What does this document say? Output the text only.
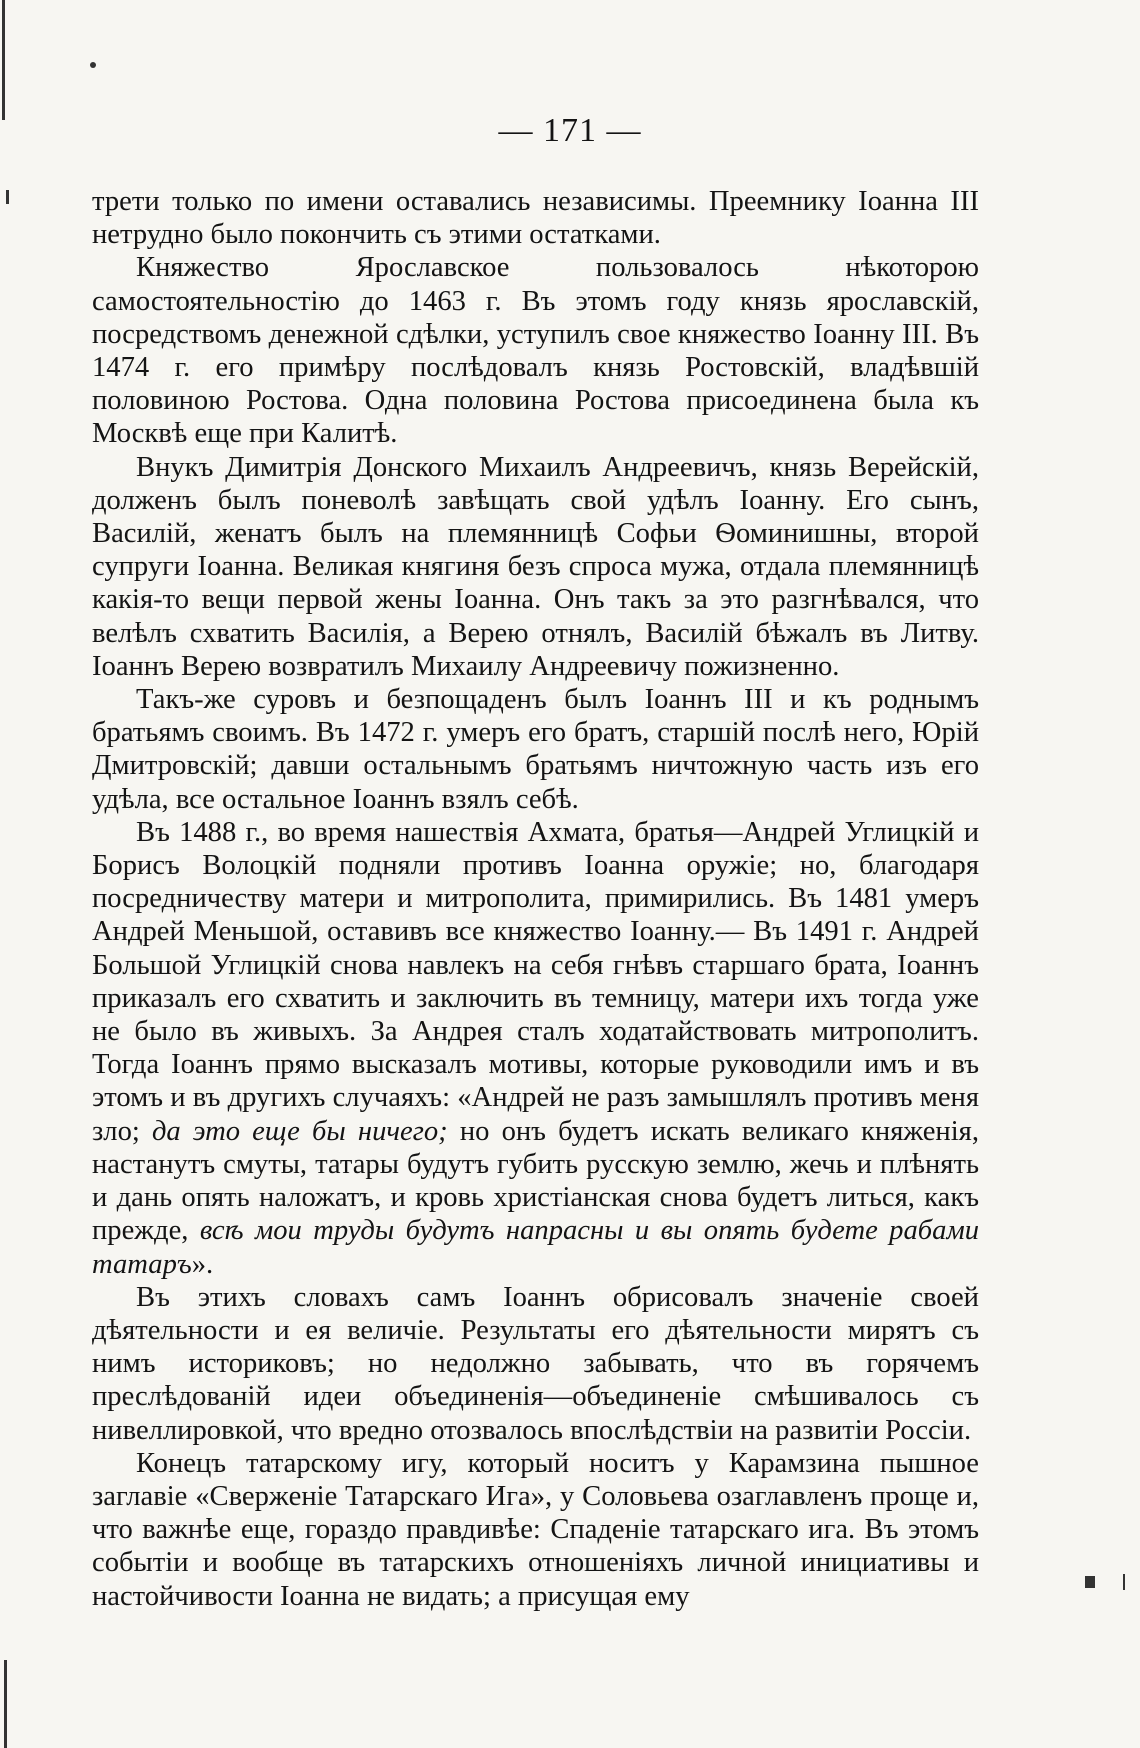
— 171 —

трети только по имени оставались независимы. Преемнику Іоанна III нетрудно было покончить съ этими остатками.

Княжество Ярославское пользовалось нѣкоторою самостоятельностію до 1463 г. Въ этомъ году князь ярославскій, посредствомъ денежной сдѣлки, уступилъ свое княжество Іоанну III. Въ 1474 г. его примѣру послѣдовалъ князь Ростовскій, владѣвшій половиною Ростова. Одна половина Ростова присоединена была къ Москвѣ еще при Калитѣ.

Внукъ Димитрія Донского Михаилъ Андреевичъ, князь Верейскій, долженъ былъ поневолѣ завѣщать свой удѣлъ Іоанну. Его сынъ, Василій, женатъ былъ на племянницѣ Софьи Ѳоминишны, второй супруги Іоанна. Великая княгиня безъ спроса мужа, отдала племянницѣ какія-то вещи первой жены Іоанна. Онъ такъ за это разгнѣвался, что велѣлъ схватить Василія, а Верею отнялъ, Василій бѣжалъ въ Литву. Іоаннъ Верею возвратилъ Михаилу Андреевичу пожизненно.

Такъ-же суровъ и безпощаденъ былъ Іоаннъ III и къ роднымъ братьямъ своимъ. Въ 1472 г. умеръ его братъ, старшій послѣ него, Юрій Дмитровскій; давши остальнымъ братьямъ ничтожную часть изъ его удѣла, все остальное Іоаннъ взялъ себѣ.

Въ 1488 г., во время нашествія Ахмата, братья—Андрей Углицкій и Борисъ Волоцкій подняли противъ Іоанна оружіе; но, благодаря посредничеству матери и митрополита, примирились. Въ 1481 умеръ Андрей Меньшой, оставивъ все княжество Іоанну.— Въ 1491 г. Андрей Большой Углицкій снова навлекъ на себя гнѣвъ старшаго брата, Іоаннъ приказалъ его схватить и заключить въ темницу, матери ихъ тогда уже не было въ живыхъ. За Андрея сталъ ходатайствовать митрополитъ. Тогда Іоаннъ прямо высказалъ мотивы, которые руководили имъ и въ этомъ и въ другихъ случаяхъ: «Андрей не разъ замышлялъ противъ меня зло; да это еще бы ничего; но онъ будетъ искать великаго княженія, настанутъ смуты, татары будутъ губить русскую землю, жечь и плѣнять и дань опять наложатъ, и кровь христіанская снова будетъ литься, какъ прежде, всѣ мои труды будутъ напрасны и вы опять будете рабами татаръ».

Въ этихъ словахъ самъ Іоаннъ обрисовалъ значеніе своей дѣятельности и ея величіе. Результаты его дѣятельности мирятъ съ нимъ историковъ; но недолжно забывать, что въ горячемъ преслѣдованій идеи объединенія—объединеніе смѣшивалось съ нивеллировкой, что вредно отозвалось впослѣдствіи на развитіи Россіи.

Конецъ татарскому игу, который носитъ у Карамзина пышное заглавіе «Свержeніе Татарскаго Ига», у Соловьева озаглавленъ проще и, что важнѣе еще, гораздо правдивѣе: Спаденіе татарскаго ига. Въ этомъ событіи и вообще въ татарскихъ отношеніяхъ личной инициативы и настойчивости Іоанна не видать; а присущая ему
